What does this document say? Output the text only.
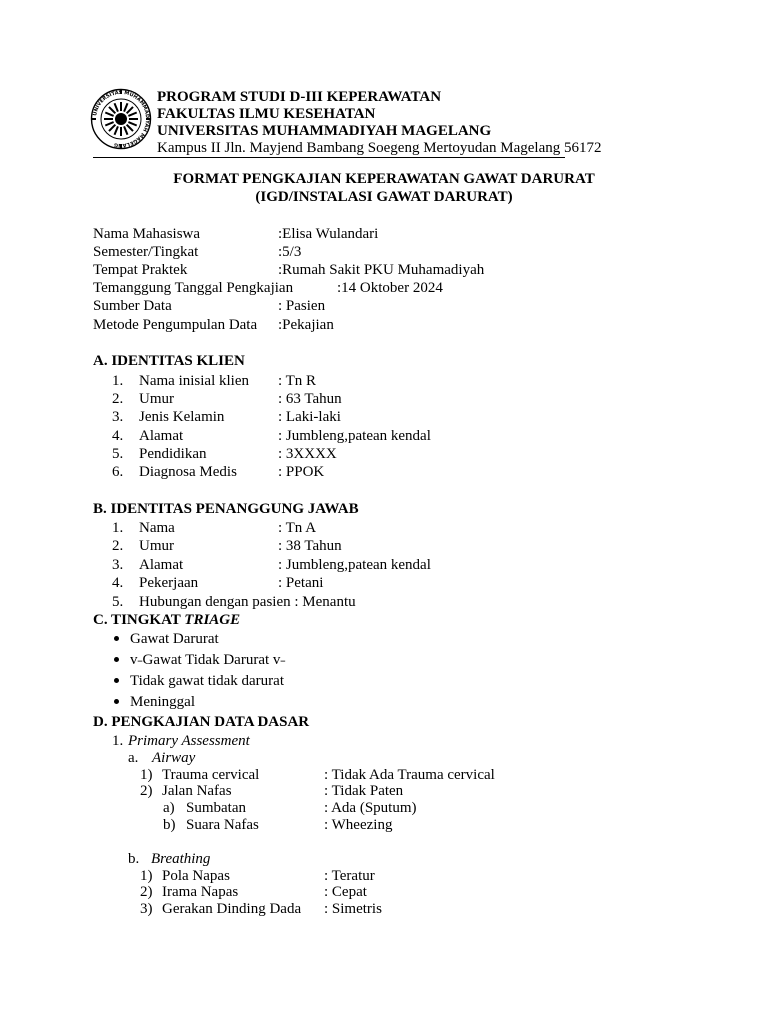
UNIVERSITAS MUHAMMADIYAH MAGELANG
PROGRAM STUDI D-III KEPERAWATAN
FAKULTAS ILMU KESEHATAN
UNIVERSITAS MUHAMMADIYAH MAGELANG
Kampus II Jln. Mayjend Bambang Soegeng Mertoyudan Magelang 56172
FORMAT PENGKAJIAN KEPERAWATAN GAWAT DARURAT
(IGD/INSTALASI GAWAT DARURAT)
Nama Mahasiswa	:Elisa Wulandari
Semester/Tingkat	:5/3
Tempat Praktek	:Rumah Sakit PKU Muhamadiyah
Temanggung Tanggal Pengkajian	:14 Oktober 2024
Sumber Data	: Pasien
Metode Pengumpulan Data :Pekajian
A. IDENTITAS KLIEN
1. Nama inisial klien : Tn R
2. Umur	: 63 Tahun
3. Jenis Kelamin	: Laki-laki
4. Alamat	: Jumbleng,patean kendal
5. Pendidikan	: 3XXXX
6. Diagnosa Medis	: PPOK
B. IDENTITAS PENANGGUNG JAWAB
1. Nama	: Tn A
2. Umur	: 38 Tahun
3. Alamat	: Jumbleng,patean kendal
4. Pekerjaan	: Petani
5. Hubungan dengan pasien : Menantu
C. TINGKAT TRIAGE
Gawat Darurat
v˗Gawat Tidak Darurat v˗
Tidak gawat tidak darurat
Meninggal
D. PENGKAJIAN DATA DASAR
1. Primary Assessment
a. Airway
1) Trauma cervical	: Tidak Ada Trauma cervical
2) Jalan Nafas	: Tidak Paten
a) Sumbatan	: Ada (Sputum)
b) Suara Nafas	: Wheezing
b. Breathing
1) Pola Napas	: Teratur
2) Irama Napas	: Cepat
3) Gerakan Dinding Dada : Simetris
